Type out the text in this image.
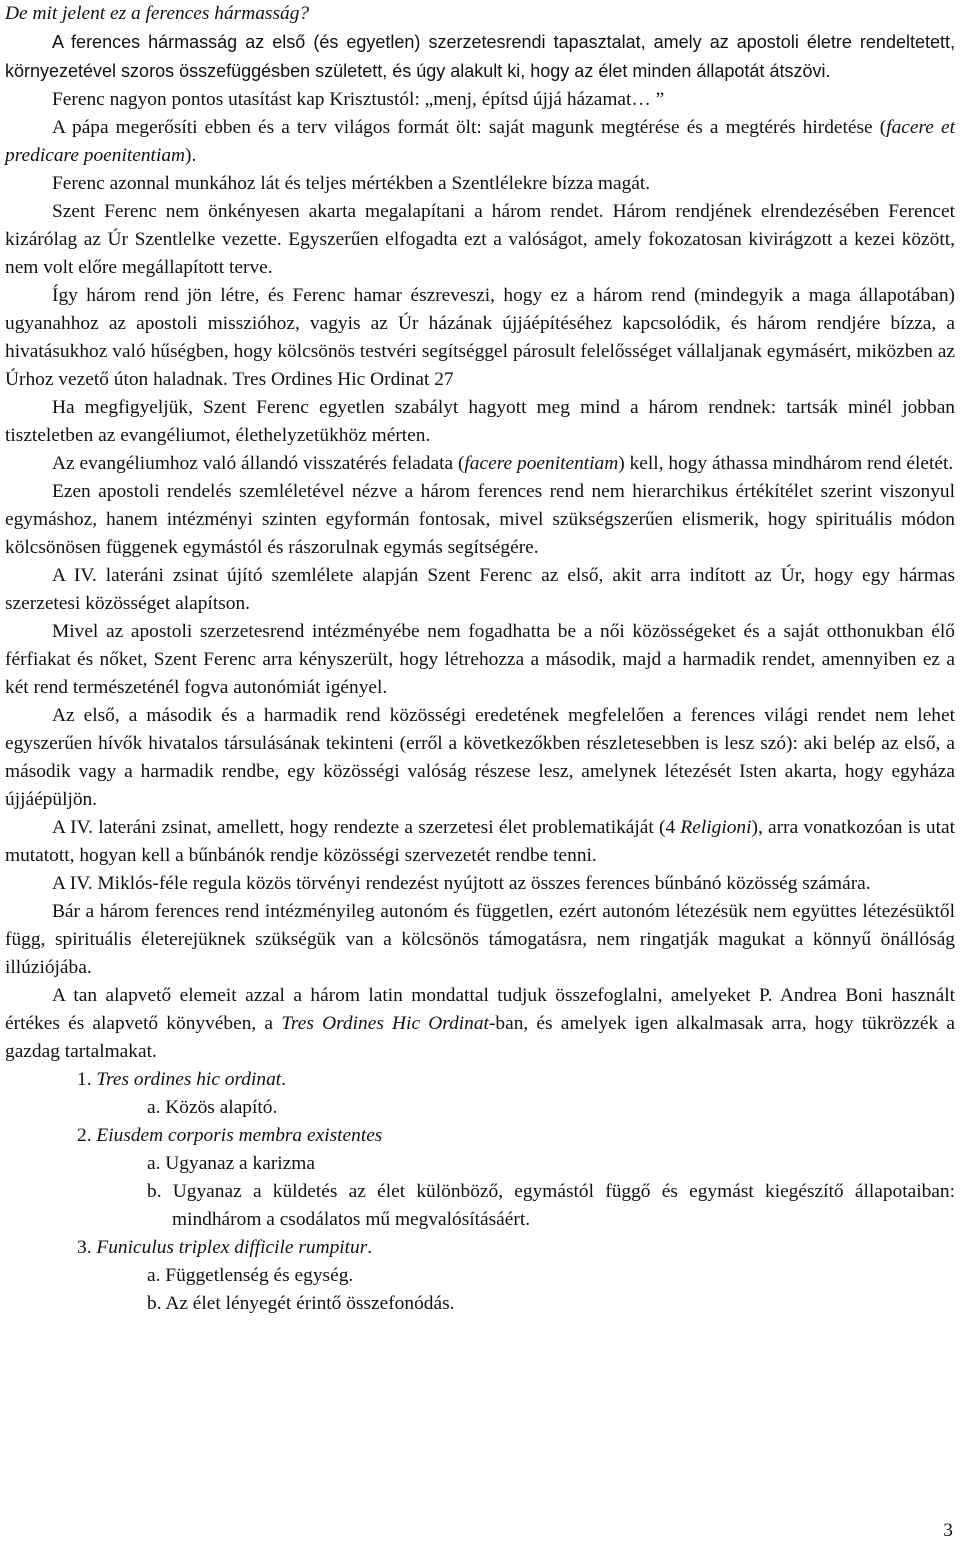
De mit jelent ez a ferences hármasság?

A ferences hármasság az első (és egyetlen) szerzetesrendi tapasztalat, amely az apostoli életre rendeltetett, környezetével szoros összefüggésben született, és úgy alakult ki, hogy az élet minden állapotát átszövi.

Ferenc nagyon pontos utasítást kap Krisztustól: „menj, építsd újjá házamat… ”

A pápa megerősíti ebben és a terv világos formát ölt: saját magunk megtérése és a megtérés hirdetése (facere et predicare poenitentiam).

Ferenc azonnal munkához lát és teljes mértékben a Szentlélekre bízza magát.

Szent Ferenc nem önkényesen akarta megalapítani a három rendet. Három rendjének elrendezésében Ferencet kizárólag az Úr Szentlelke vezette. Egyszerűen elfogadta ezt a valóságot, amely fokozatosan kivirágzott a kezei között, nem volt előre megállapított terve.

Így három rend jön létre, és Ferenc hamar észreveszi, hogy ez a három rend (mindegyik a maga állapotában) ugyanahhoz az apostoli misszióhoz, vagyis az Úr házának újjáépítéséhez kapcsolódik, és három rendjére bízza, a hivatásukhoz való hűségben, hogy kölcsönös testvéri segítséggel párosult felelősséget vállaljanak egymásért, miközben az Úrhoz vezető úton haladnak. Tres Ordines Hic Ordinat 27

Ha megfigyeljük, Szent Ferenc egyetlen szabályt hagyott meg mind a három rendnek: tartsák minél jobban tiszteletben az evangéliumot, élethelyzetükhöz mérten.

Az evangéliumhoz való állandó visszatérés feladata (facere poenitentiam) kell, hogy áthassa mindhárom rend életét.

Ezen apostoli rendelés szemléletével nézve a három ferences rend nem hierarchikus értékítélet szerint viszonyul egymáshoz, hanem intézményi szinten egyformán fontosak, mivel szükségszerűen elismerik, hogy spirituális módon kölcsönösen függenek egymástól és rászorulnak egymás segítségére.

A IV. lateráni zsinat újító szemlélete alapján Szent Ferenc az első, akit arra indított az Úr, hogy egy hármas szerzetesi közösséget alapítson.

Mivel az apostoli szerzetesrend intézményébe nem fogadhatta be a női közösségeket és a saját otthonukban élő férfiakat és nőket, Szent Ferenc arra kényszerült, hogy létrehozza a második, majd a harmadik rendet, amennyiben ez a két rend természeténél fogva autonómiát igényel.

Az első, a második és a harmadik rend közösségi eredetének megfelelően a ferences világi rendet nem lehet egyszerűen hívők hivatalos társulásának tekinteni (erről a következőkben részletesebben is lesz szó): aki belép az első, a második vagy a harmadik rendbe, egy közösségi valóság részese lesz, amelynek létezését Isten akarta, hogy egyháza újjáépüljön.

A IV. lateráni zsinat, amellett, hogy rendezte a szerzetesi élet problematikáját (4 Religioni), arra vonatkozóan is utat mutatott, hogyan kell a bűnbánók rendje közösségi szervezetét rendbe tenni.

A IV. Miklós-féle regula közös törvényi rendezést nyújtott az összes ferences bűnbánó közösség számára.

Bár a három ferences rend intézményileg autonóm és független, ezért autonóm létezésük nem együttes létezésüktől függ, spirituális életerejüknek szükségük van a kölcsönös támogatásra, nem ringatják magukat a könnyű önállóság illúziójába.

A tan alapvető elemeit azzal a három latin mondattal tudjuk összefoglalni, amelyeket P. Andrea Boni használt értékes és alapvető könyvében, a Tres Ordines Hic Ordinat-ban, és amelyek igen alkalmasak arra, hogy tükrözzék a gazdag tartalmakat.

1. Tres ordines hic ordinat.

a. Közös alapító.

2. Eiusdem corporis membra existentes

a. Ugyanaz a karizma

b. Ugyanaz a küldetés az élet különböző, egymástól függő és egymást kiegészítő állapotaiban: mindhárom a csodálatos mű megvalósításáért.

3. Funiculus triplex difficile rumpitur.

a. Függetlenség és egység.

b. Az élet lényegét érintő összefonódás.

3
